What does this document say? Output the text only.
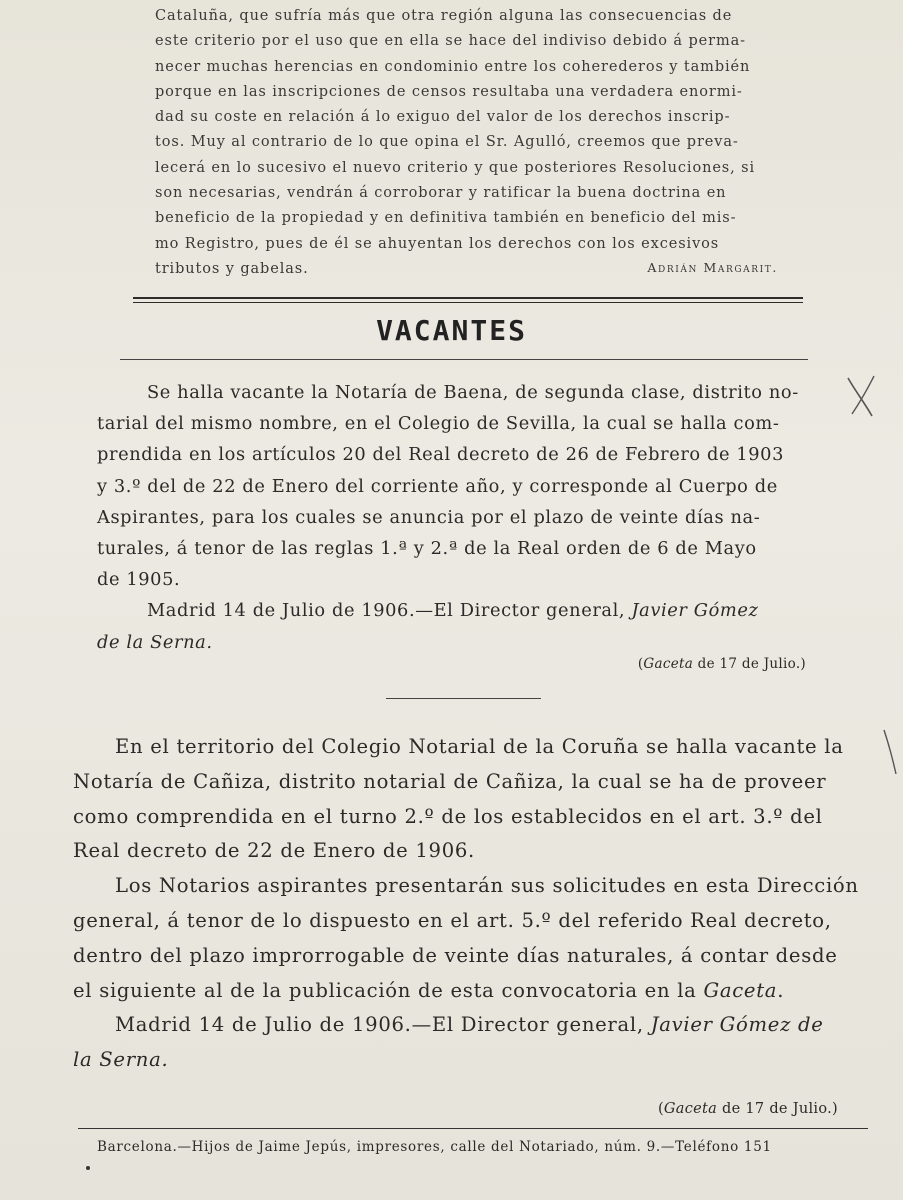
Cataluña, que sufría más que otra región alguna las consecuencias de
este criterio por el uso que en ella se hace del indiviso debido á perma-
necer muchas herencias en condominio entre los coherederos y también
porque en las inscripciones de censos resultaba una verdadera enormi-
dad su coste en relación á lo exiguo del valor de los derechos inscrip-
tos. Muy al contrario de lo que opina el Sr. Agulló, creemos que preva-
lecerá en lo sucesivo el nuevo criterio y que posteriores Resoluciones, si
son necesarias, vendrán á corroborar y ratificar la buena doctrina en
beneficio de la propiedad y en definitiva también en beneficio del mis-
mo Registro, pues de él se ahuyentan los derechos con los excesivos
tributos y gabelas.	Adrián Margarit.
VACANTES
Se halla vacante la Notaría de Baena, de segunda clase, distrito no-
tarial del mismo nombre, en el Colegio de Sevilla, la cual se halla com-
prendida en los artículos 20 del Real decreto de 26 de Febrero de 1903
y 3.º del de 22 de Enero del corriente año, y corresponde al Cuerpo de
Aspirantes, para los cuales se anuncia por el plazo de veinte días na-
turales, á tenor de las reglas 1.ª y 2.ª de la Real orden de 6 de Mayo
de 1905.
Madrid 14 de Julio de 1906.—El Director general, Javier Gómez
de la Serna.
(Gaceta de 17 de Julio.)
En el territorio del Colegio Notarial de la Coruña se halla vacante la
Notaría de Cañiza, distrito notarial de Cañiza, la cual se ha de proveer
como comprendida en el turno 2.º de los establecidos en el art. 3.º del
Real decreto de 22 de Enero de 1906.
Los Notarios aspirantes presentarán sus solicitudes en esta Dirección
general, á tenor de lo dispuesto en el art. 5.º del referido Real decreto,
dentro del plazo improrrogable de veinte días naturales, á contar desde
el siguiente al de la publicación de esta convocatoria en la Gaceta.
Madrid 14 de Julio de 1906.—El Director general, Javier Gómez de
la Serna.
(Gaceta de 17 de Julio.)
Barcelona.—Hijos de Jaime Jepús, impresores, calle del Notariado, núm. 9.—Teléfono 151
